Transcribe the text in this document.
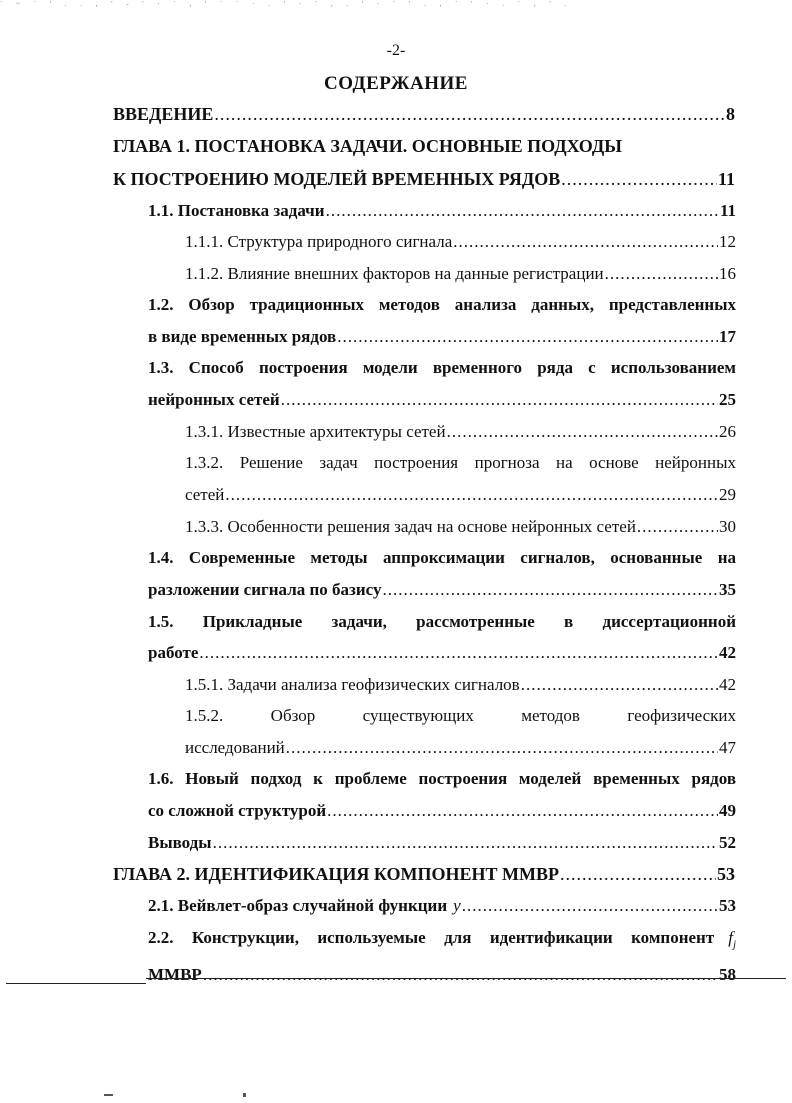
` ~ ` ' . . , ' - ' · ` , ' ` ` · . ' · ` , . ' · ` ' . , ` ' · . ` , ' .
-2-
СОДЕРЖАНИЕ
ВВЕДЕНИЕ .....	8
ГЛАВА 1. ПОСТАНОВКА ЗАДАЧИ. ОСНОВНЫЕ ПОДХОДЫ
К ПОСТРОЕНИЮ МОДЕЛЕЙ ВРЕМЕННЫХ РЯДОВ .....	11
1.1. Постановка задачи .....	11
1.1.1. Структура природного сигнала .....	12
1.1.2. Влияние внешних факторов на данные регистрации .....	16
1.2. Обзор традиционных методов анализа данных, представленных
в виде временных рядов .....	17
1.3. Способ построения модели временного ряда с использованием
нейронных сетей .....	25
1.3.1. Известные архитектуры сетей .....	26
1.3.2. Решение задач построения прогноза на основе нейронных
сетей .....	29
1.3.3. Особенности решения задач на основе нейронных сетей .....	30
1.4. Современные методы аппроксимации сигналов, основанные на
разложении сигнала по базису .....	35
1.5. Прикладные задачи, рассмотренные в диссертационной
работе .....	42
1.5.1. Задачи анализа геофизических сигналов .....	42
1.5.2. Обзор существующих методов геофизических
исследований .....	47
1.6. Новый подход к проблеме построения моделей временных рядов
со сложной структурой .....	49
Выводы .....	52
ГЛАВА 2. ИДЕНТИФИКАЦИЯ КОМПОНЕНТ ММВР .....	53
2.1. Вейвлет-образ случайной функции y .....	53
2.2. Конструкции, используемые для идентификации компонент $f_j$
ММВР .....	58
